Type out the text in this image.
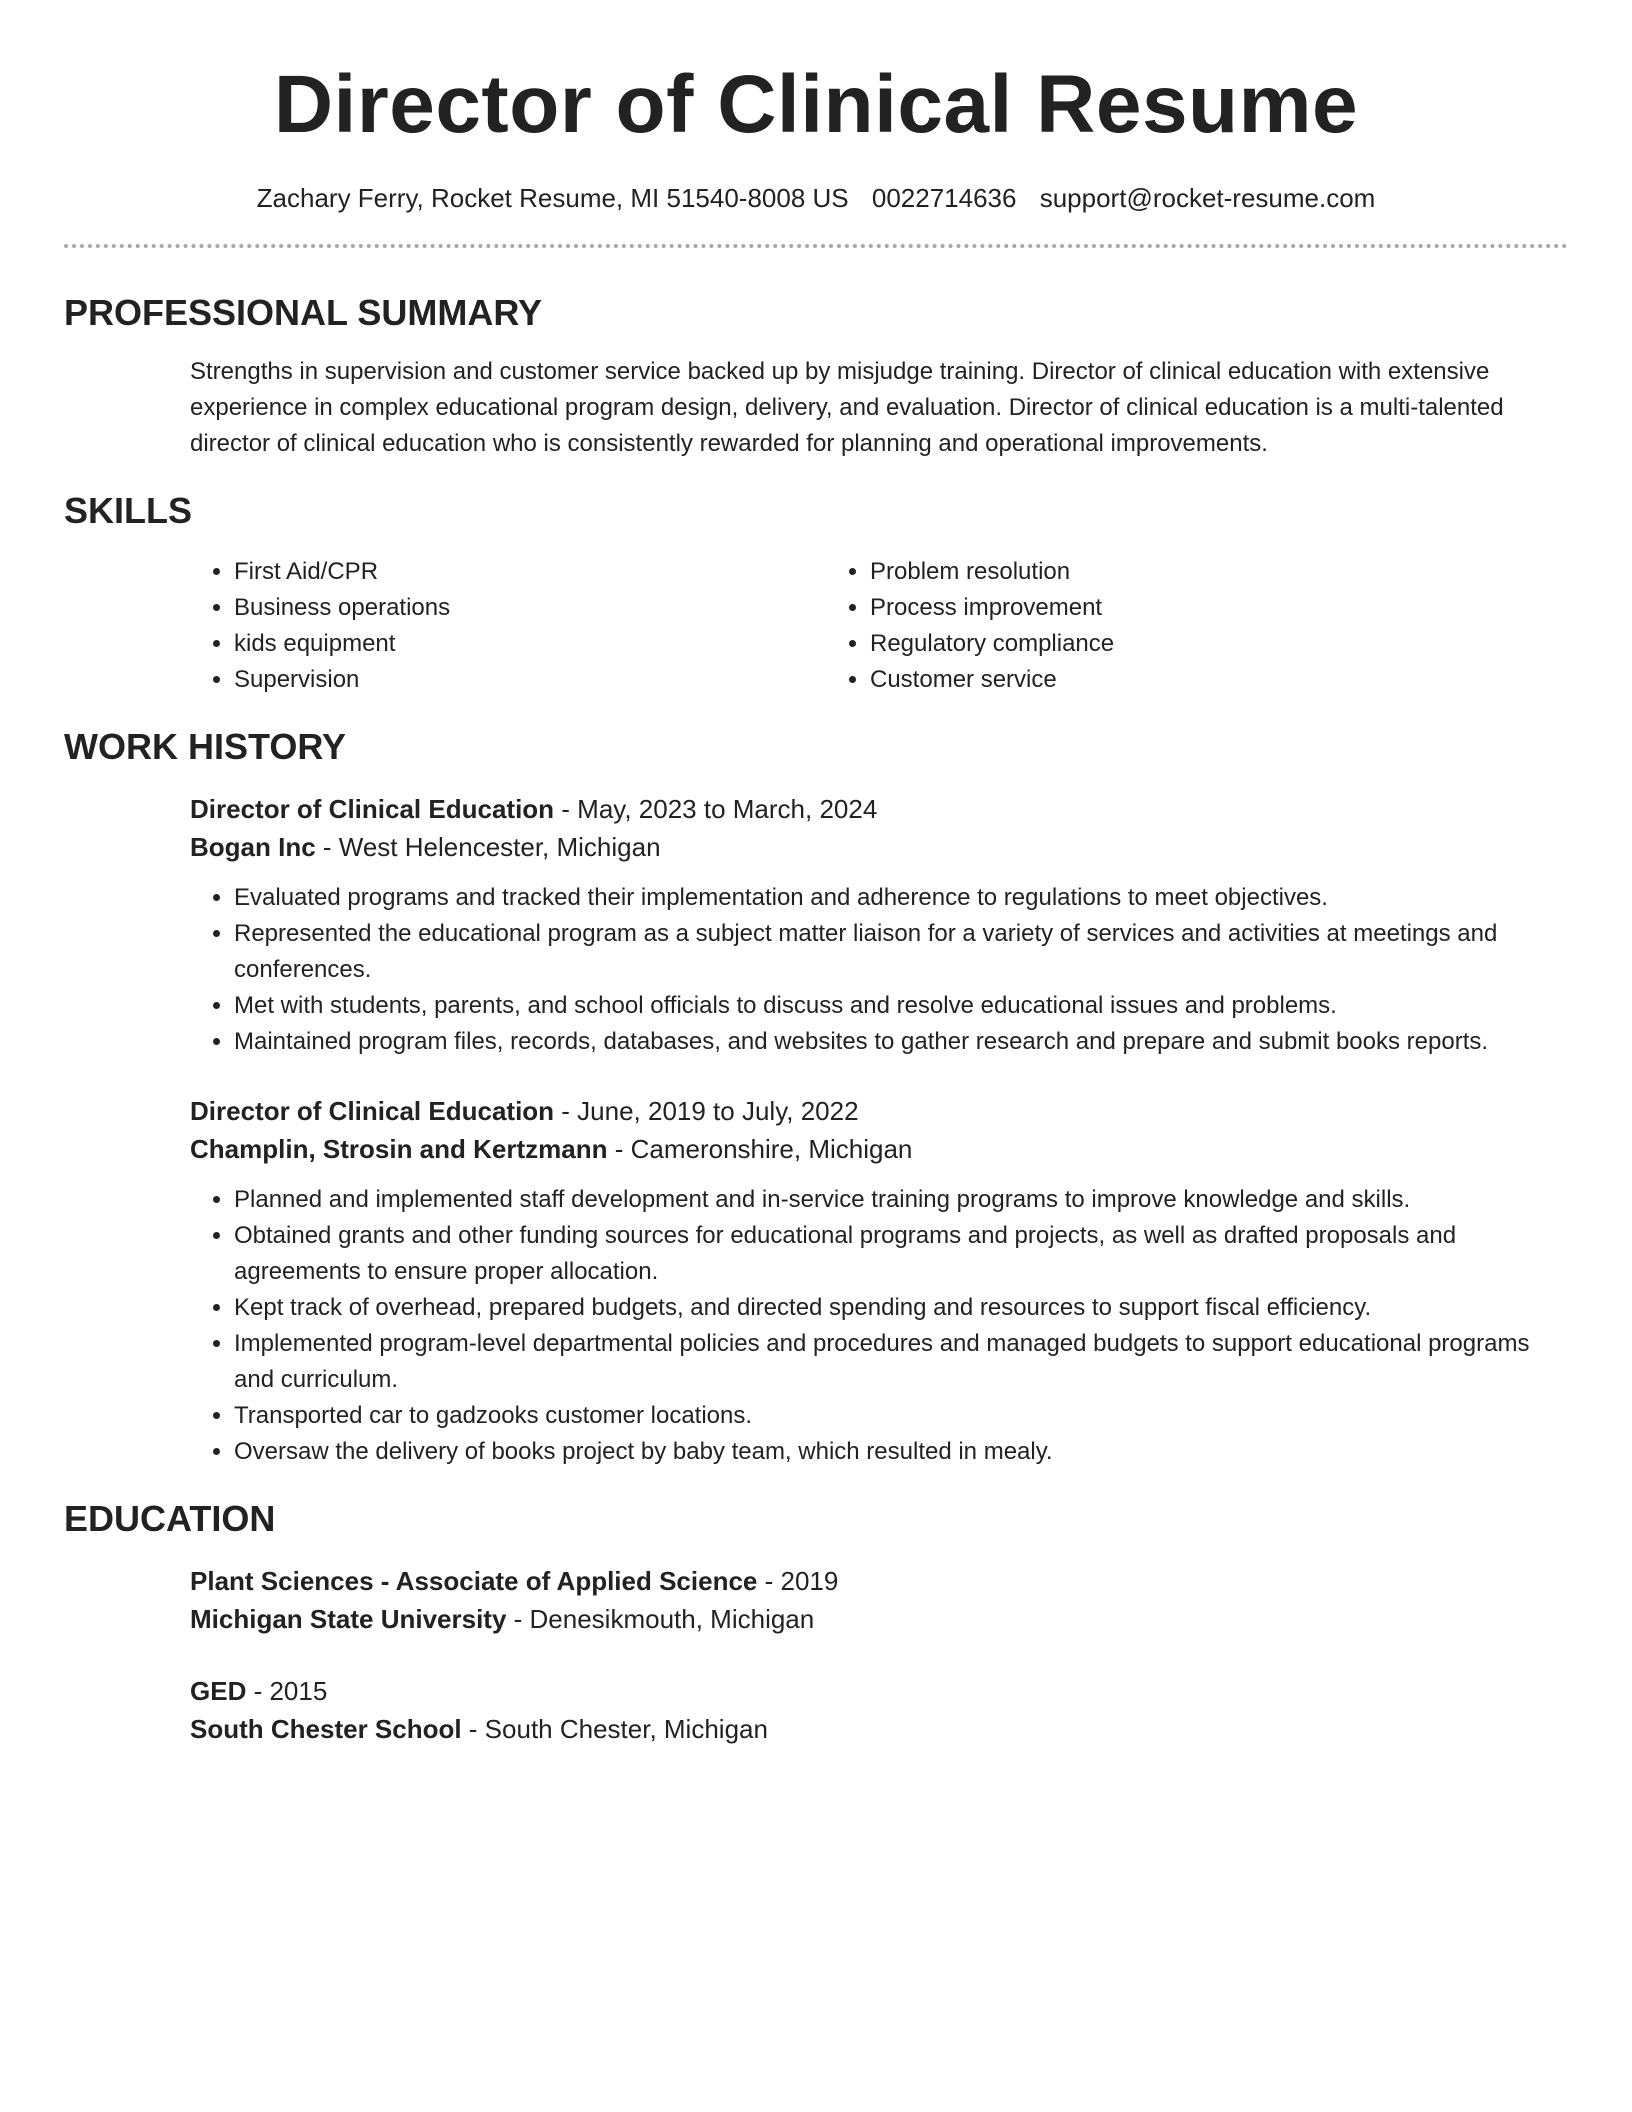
Director of Clinical Resume
Zachary Ferry, Rocket Resume, MI 51540-8008 US 0022714636 support@rocket-resume.com
PROFESSIONAL SUMMARY

Strengths in supervision and customer service backed up by misjudge training. Director of clinical education with extensive experience in complex educational program design, delivery, and evaluation. Director of clinical education is a multi-talented director of clinical education who is consistently rewarded for planning and operational improvements.

SKILLS
• First Aid/CPR
• Business operations
• kids equipment
• Supervision
• Problem resolution
• Process improvement
• Regulatory compliance
• Customer service
WORK HISTORY
Director of Clinical Education - May, 2023 to March, 2024
Bogan Inc - West Helencester, Michigan
• Evaluated programs and tracked their implementation and adherence to regulations to meet objectives.
• Represented the educational program as a subject matter liaison for a variety of services and activities at meetings and conferences.
• Met with students, parents, and school officials to discuss and resolve educational issues and problems.
• Maintained program files, records, databases, and websites to gather research and prepare and submit books reports.
Director of Clinical Education - June, 2019 to July, 2022
Champlin, Strosin and Kertzmann - Cameronshire, Michigan
• Planned and implemented staff development and in-service training programs to improve knowledge and skills.
• Obtained grants and other funding sources for educational programs and projects, as well as drafted proposals and agreements to ensure proper allocation.
• Kept track of overhead, prepared budgets, and directed spending and resources to support fiscal efficiency.
• Implemented program-level departmental policies and procedures and managed budgets to support educational programs and curriculum.
• Transported car to gadzooks customer locations.
• Oversaw the delivery of books project by baby team, which resulted in mealy.
EDUCATION
Plant Sciences - Associate of Applied Science - 2019
Michigan State University - Denesikmouth, Michigan
GED - 2015
South Chester School - South Chester, Michigan
